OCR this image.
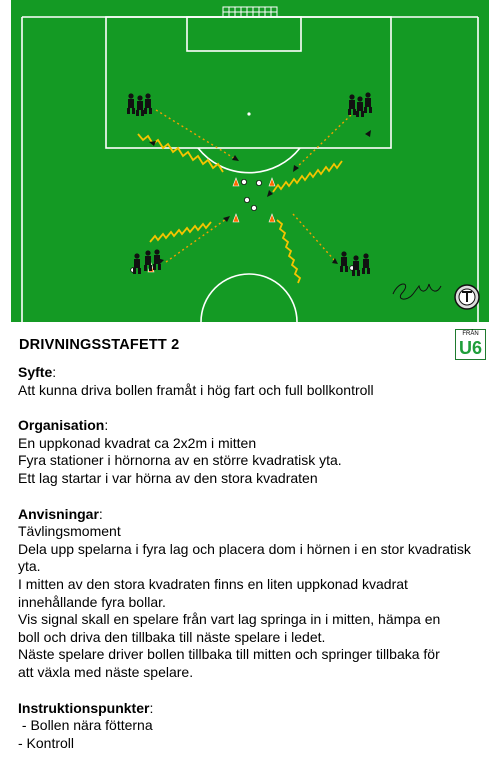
DRIVNINGSSTAFETT 2
FRÅN
U6

Syfte:

Att kunna driva bollen framåt i hög fart och full bollkontroll

Organisation:

En uppkonad kvadrat ca 2x2m i mitten

Fyra stationer i hörnorna av en större kvadratisk yta.

Ett lag startar i var hörna av den stora kvadraten

Anvisningar:

Tävlingsmoment

Dela upp spelarna i fyra lag och placera dom i hörnen i en stor kvadratisk

yta.

I mitten av den stora kvadraten finns en liten uppkonad kvadrat

innehållande fyra bollar.

Vis signal skall en spelare från vart lag springa in i mitten, hämpa en

boll och driva den tillbaka till näste spelare i ledet.

Näste spelare driver bollen tillbaka till mitten och springer tillbaka för

att växla med näste spelare.

Instruktionspunkter:

- Bollen nära fötterna

- Kontroll
